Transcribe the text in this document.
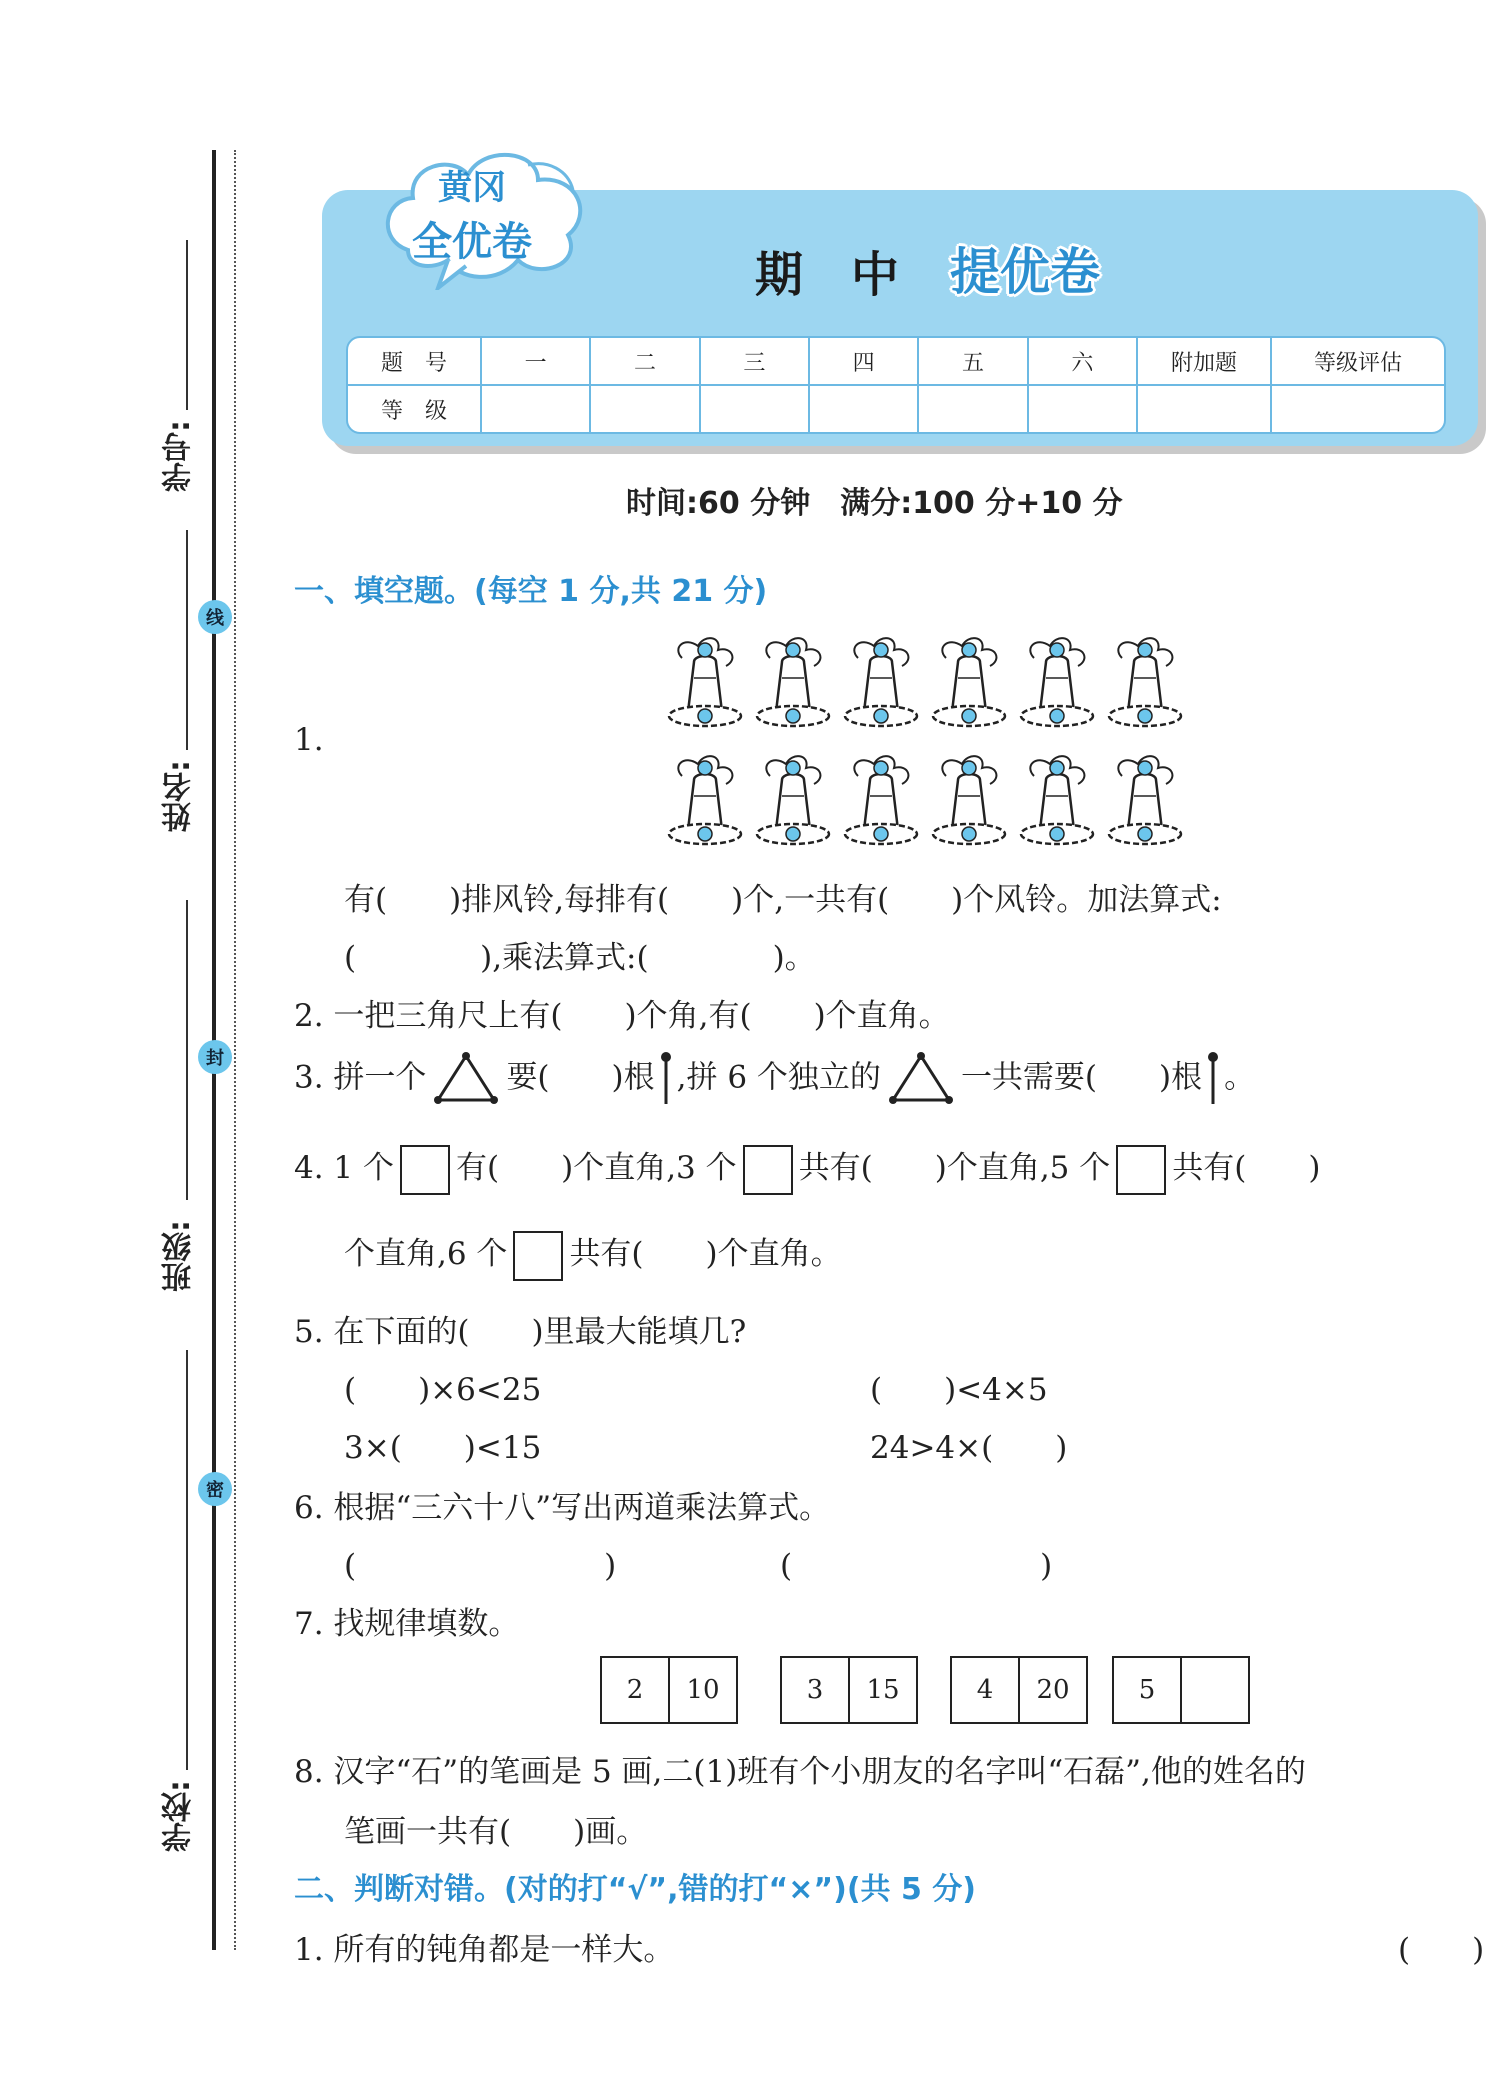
学号:
姓名:
班级:
学校:
线
封
密
黄冈
全优卷
期中 提优卷
题　号	一	二	三	四	五	六	附加题	等级评估
等　级								
时间:60 分钟　满分:100 分+10 分
一、填空题。(每空 1 分,共 21 分)
1.
有(　　)排风铃,每排有(　　)个,一共有(　　)个风铃。加法算式:
(　　　　),乘法算式:(　　　　)。
2. 一把三角尺上有(　　)个角,有(　　)个直角。
3. 拼一个	要(　　)根 ,拼 6 个独立的	一共需要(　　)根 。
4. 1 个 有(　　)个直角,3 个 共有(　　)个直角,5 个 共有(　　)
个直角,6 个 共有(　　)个直角。
5. 在下面的(　　)里最大能填几?
(　　)×6<25	(　　)<4×5
3×(　　)<15	24>4×(　　)
6. 根据“三六十八”写出两道乘法算式。
(　　　　　　　　)	(　　　　　　　　)
7. 找规律填数。
2	10	3	15	4	20	5
8. 汉字“石”的笔画是 5 画,二(1)班有个小朋友的名字叫“石磊”,他的姓名的
笔画一共有(　　)画。
二、判断对错。(对的打“√”,错的打“×”)(共 5 分)
1. 所有的钝角都是一样大。	(　　)
